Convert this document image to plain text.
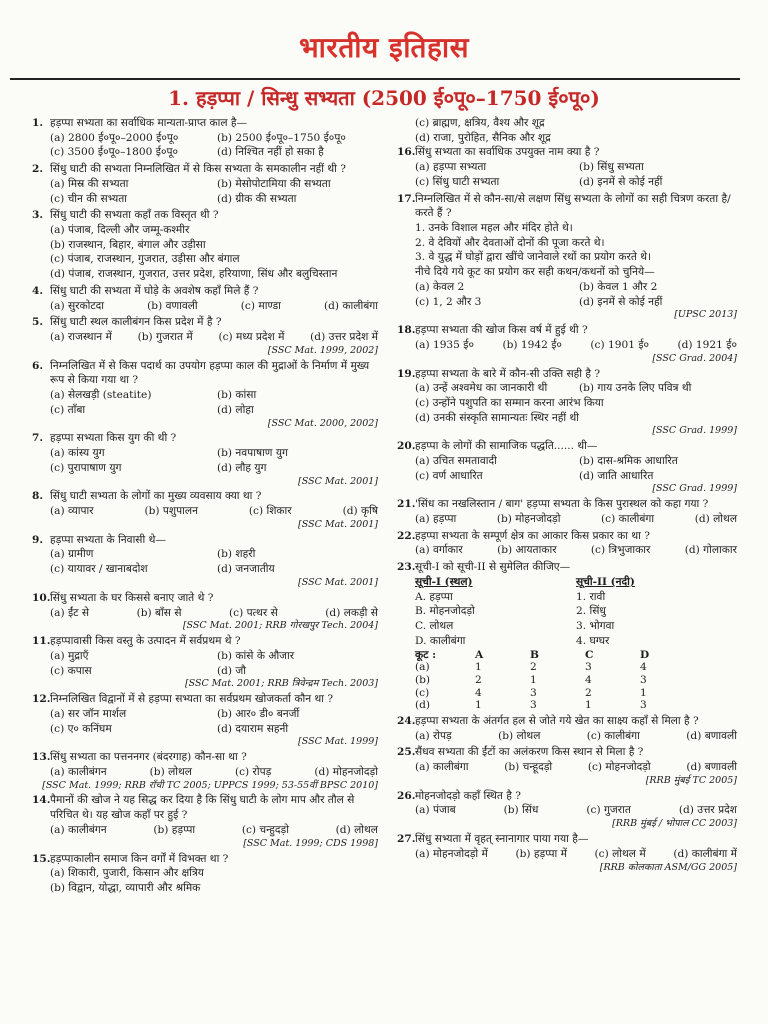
भारतीय इतिहास
1. हड़प्पा / सिन्धु सभ्यता (2500 ई०पू०–1750 ई०पू०)
1. हड़प्पा सभ्यता का सर्वाधिक मान्यता-प्राप्त काल है—
(a) 2800 ई०पू०–2000 ई०पू०	(b) 2500 ई०पू०–1750 ई०पू०
(c) 3500 ई०पू०–1800 ई०पू०	(d) निश्चित नहीं हो सका है
2. सिंधु घाटी की सभ्यता निम्नलिखित में से किस सभ्यता के समकालीन नहीं थी ?
(a) मिस्र की सभ्यता	(b) मेसोपोटामिया की सभ्यता
(c) चीन की सभ्यता	(d) ग्रीक की सभ्यता
3. सिंधु घाटी की सभ्यता कहाँ तक विस्तृत थी ?
(a) पंजाब, दिल्ली और जम्मू-कश्मीर
(b) राजस्थान, बिहार, बंगाल और उड़ीसा
(c) पंजाब, राजस्थान, गुजरात, उड़ीसा और बंगाल
(d) पंजाब, राजस्थान, गुजरात, उत्तर प्रदेश, हरियाणा, सिंध और बलुचिस्तान
4. सिंधु घाटी की सभ्यता में घोड़े के अवशेष कहाँ मिले हैं ?
(a) सुरकोटदा	(b) वणावली	(c) माण्डा	(d) कालीबंगा
5. सिंधु घाटी स्थल कालीबंगन किस प्रदेश में है ?
(a) राजस्थान में (b) गुजरात में (c) मध्य प्रदेश में (d) उत्तर प्रदेश में
[SSC Mat. 1999, 2002]
6. निम्नलिखित में से किस पदार्थ का उपयोग हड़प्पा काल की मुद्राओं के निर्माण में मुख्य रूप से किया गया था ?
(a) सेलखड़ी (steatite)	(b) कांसा
(c) ताँबा	(d) लोहा
[SSC Mat. 2000, 2002]
7. हड़प्पा सभ्यता किस युग की थी ?
(a) कांस्य युग	(b) नवपाषाण युग
(c) पुरापाषाण युग	(d) लौह युग
[SSC Mat. 2001]
8. सिंधु घाटी सभ्यता के लोगों का मुख्य व्यवसाय क्या था ?
(a) व्यापार	(b) पशुपालन	(c) शिकार	(d) कृषि
[SSC Mat. 2001]
9. हड़प्पा सभ्यता के निवासी थे—
(a) ग्रामीण	(b) शहरी
(c) यायावर / खानाबदोश	(d) जनजातीय
[SSC Mat. 2001]
10. सिंधु सभ्यता के घर किससे बनाए जाते थे ?
(a) ईंट से	(b) बाँस से	(c) पत्थर से	(d) लकड़ी से
[SSC Mat. 2001; RRB गोरखपुर Tech. 2004]
11. हड़प्पावासी किस वस्तु के उत्पादन में सर्वप्रथम थे ?
(a) मुद्राएँ	(b) कांसे के औजार
(c) कपास	(d) जौ
[SSC Mat. 2001; RRB त्रिवेन्द्रम Tech. 2003]
12. निम्नलिखित विद्वानों में से हड़प्पा सभ्यता का सर्वप्रथम खोजकर्ता कौन था ?
(a) सर जॉन मार्शल	(b) आर० डी० बनर्जी
(c) ए० कनिंघम	(d) दयाराम सहनी
[SSC Mat. 1999]
13. सिंधु सभ्यता का पत्तननगर (बंदरगाह) कौन-सा था ?
(a) कालीबंगन	(b) लोथल	(c) रोपड़	(d) मोहनजोदड़ो
[SSC Mat. 1999; RRB राँची TC 2005; UPPCS 1999; 53-55वीं BPSC 2010]
14. पैमानों की खोज ने यह सिद्ध कर दिया है कि सिंधु घाटी के लोग माप और तौल से परिचित थे। यह खोज कहाँ पर हुई ?
(a) कालीबंगन	(b) हड़प्पा	(c) चन्हुदड़ो	(d) लोथल
[SSC Mat. 1999; CDS 1998]
15. हड़प्पाकालीन समाज किन वर्गों में विभक्त था ?
(a) शिकारी, पुजारी, किसान और क्षत्रिय
(b) विद्वान, योद्धा, व्यापारी और श्रमिक
(c) ब्राह्मण, क्षत्रिय, वैश्य और शूद्र
(d) राजा, पुरोहित, सैनिक और शूद्र
16. सिंधु सभ्यता का सर्वाधिक उपयुक्त नाम क्या है ?
(a) हड़प्पा सभ्यता	(b) सिंधु सभ्यता
(c) सिंधु घाटी सभ्यता	(d) इनमें से कोई नहीं
17. निम्नलिखित में से कौन-सा/से लक्षण सिंधु सभ्यता के लोगों का सही चित्रण करता है/करते हैं ?
1. उनके विशाल महल और मंदिर होते थे।
2. वे देवियों और देवताओं दोनों की पूजा करते थे।
3. वे युद्ध में घोड़ों द्वारा खींचे जानेवाले रथों का प्रयोग करते थे।
नीचे दिये गये कूट का प्रयोग कर सही कथन/कथनों को चुनिये—
(a) केवल 2	(b) केवल 1 और 2
(c) 1, 2 और 3	(d) इनमें से कोई नहीं
[UPSC 2013]
18. हड़प्पा सभ्यता की खोज किस वर्ष में हुई थी ?
(a) 1935 ई०	(b) 1942 ई०	(c) 1901 ई०	(d) 1921 ई०
[SSC Grad. 2004]
19. हड़प्पा सभ्यता के बारे में कौन-सी उक्ति सही है ?
(a) उन्हें अश्वमेध का जानकारी थी	(b) गाय उनके लिए पवित्र थी
(c) उन्होंने पशुपति का सम्मान करना आरंभ किया
(d) उनकी संस्कृति सामान्यतः स्थिर नहीं थी
[SSC Grad. 1999]
20. हड़प्पा के लोगों की सामाजिक पद्धति...... थी—
(a) उचित समतावादी	(b) दास-श्रमिक आधारित
(c) वर्ण आधारित	(d) जाति आधारित
[SSC Grad. 1999]
21. 'सिंध का नखलिस्तान / बाग' हड़प्पा सभ्यता के किस पुरास्थल को कहा गया ?
(a) हड़प्पा	(b) मोहनजोदड़ो	(c) कालीबंगा	(d) लोथल
22. हड़प्पा सभ्यता के सम्पूर्ण क्षेत्र का आकार किस प्रकार का था ?
(a) वर्गाकार	(b) आयताकार	(c) त्रिभुजाकार	(d) गोलाकार
23. सूची-I को सूची-II से सुमेलित कीजिए—
सूची-I (स्थल)	सूची-II (नदी)
A. हड़प्पा	1. रावी
B. मोहनजोदड़ो	2. सिंधु
C. लोथल	3. भोगवा
D. कालीबंगा	4. घग्घर
कूट :	A	B	C	D
(a)	1	2	3	4
(b)	2	1	4	3
(c)	4	3	2	1
(d)	1	3	1	3
24. हड़प्पा सभ्यता के अंतर्गत हल से जोते गये खेत का साक्ष्य कहाँ से मिला है ?
(a) रोपड़	(b) लोथल	(c) कालीबंगा	(d) बणावली
25. सैंधव सभ्यता की ईंटों का अलंकरण किस स्थान से मिला है ?
(a) कालीबंगा	(b) चन्हूदड़ो	(c) मोहनजोदड़ो	(d) बणावली
[RRB मुंबई TC 2005]
26. मोहनजोदड़ो कहाँ स्थित है ?
(a) पंजाब	(b) सिंध	(c) गुजरात	(d) उत्तर प्रदेश
[RRB मुंबई / भोपाल CC 2003]
27. सिंधु सभ्यता में वृहत् स्नानागार पाया गया है—
(a) मोहनजोदड़ो में	(b) हड़प्पा में	(c) लोथल में	(d) कालीबंगा में
[RRB कोलकाता ASM/GG 2005]
